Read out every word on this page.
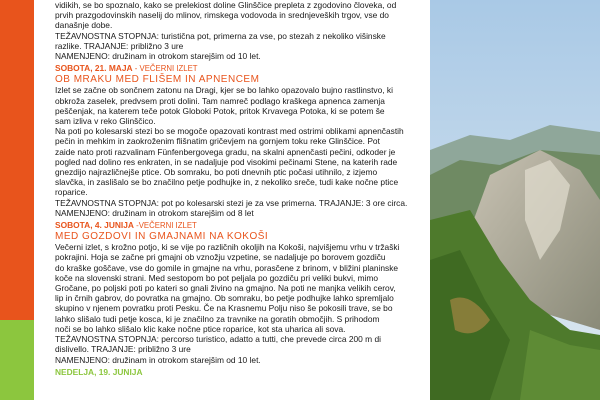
vidikih, se bo spoznalo, kako se prelekiost doline Glinščice prepleta z zgodovino človeka, od

prvih prazgodovinskih naselij do mlinov, rimskega vodovoda in srednjeveških trgov, vse do

današnje dobe.

TEŽAVNOSTNA STOPNJA: turistična pot, primerna za vse, po stezah z nekoliko višinske

razlike. TRAJANJE: približno 3 ure

NAMENJENO: družinam in otrokom starejšim od 10 let.

SOBOTA, 21. MAJA - VEČERNI IZLET
OB MRAKU MED FLIŠEM IN APNENCEM

Izlet se začne ob sončnem zatonu na Dragi, kjer se bo lahko opazovalo bujno rastlinstvo, ki

obkroža zaselek, predvsem proti dolini. Tam namreč podlago kraškega apnenca zamenja

peščenjak, na katerem teče potok Globoki Potok, pritok Krvavega Potoka, ki se potem še

sam izliva v reko Glinščico.

Na poti po kolesarski stezi bo se mogoče opazovati kontrast med ostrimi oblikami apnenčastih

pečin in mehkim in zaokroženim flišnatim gričevjem na gornjem toku reke Glinščice. Pot

zaide nato proti razvalinam Fünfenbergovega gradu, na skalni apnenčasti pečini, odkoder je

pogled nad dolino res enkraten, in se nadaljuje pod visokimi pečinami Stene, na katerih rade

gnezdijo najrazličnejše ptice. Ob somraku, bo poti dnevnih ptic počasi utihnilo, z izjemo

slavčka, in zaslišalo se bo značilno petje podhujke in, z nekoliko sreče, tudi kake nočne ptice

roparice.

TEŽAVNOSTNA STOPNJA: pot po kolesarski stezi je za vse primerna. TRAJANJE: 3 ore circa.

NAMENJENO: družinam in otrokom starejšim od 8 let

SOBOTA, 4. JUNIJA -VEČERNI IZLET
MED GOZDOVI IN GMAJNAMI NA KOKOŠI

Večerni izlet, s krožno potjo, ki se vije po različnih okoljih na Kokoši, najvišjemu vrhu v tržaški

pokrajini. Hoja se začne pri gmajni ob vznožju vzpetine, se nadaljuje po borovem gozdiču

do kraške goščave, vse do gomile in gmajne na vrhu, porasčene z brinom, v bližini planinske

koče na slovenski strani. Med sestopom bo pot peljala po gozdiču pri veliki bukvi, mimo

Gročane, po poljski poti po kateri so gnali živino na gmajno. Na poti ne manjka velikih cerov,

lip in črnih gabrov, do povratka na gmajno. Ob somraku, bo petje podhujke lahko spremljalo

skupino v njenem povratku proti Pesku. Če na Krasnemu Polju niso še pokosili trave, se bo

lahko slišalo tudi petje kosca, ki je značilno za travnike na goratih območjih. S prihodom

noči se bo lahko slišalo klic kake nočne ptice roparice, kot sta uharica ali sova.

TEŽAVNOSTNA STOPNJA: percorso turistico, adatto a tutti, che prevede circa 200 m di

dislivello. TRAJANJE: približno 3 ure

NAMENJENO: družinam in otrokom starejšim od 10 let.

NEDELJA, 19. JUNIJA
